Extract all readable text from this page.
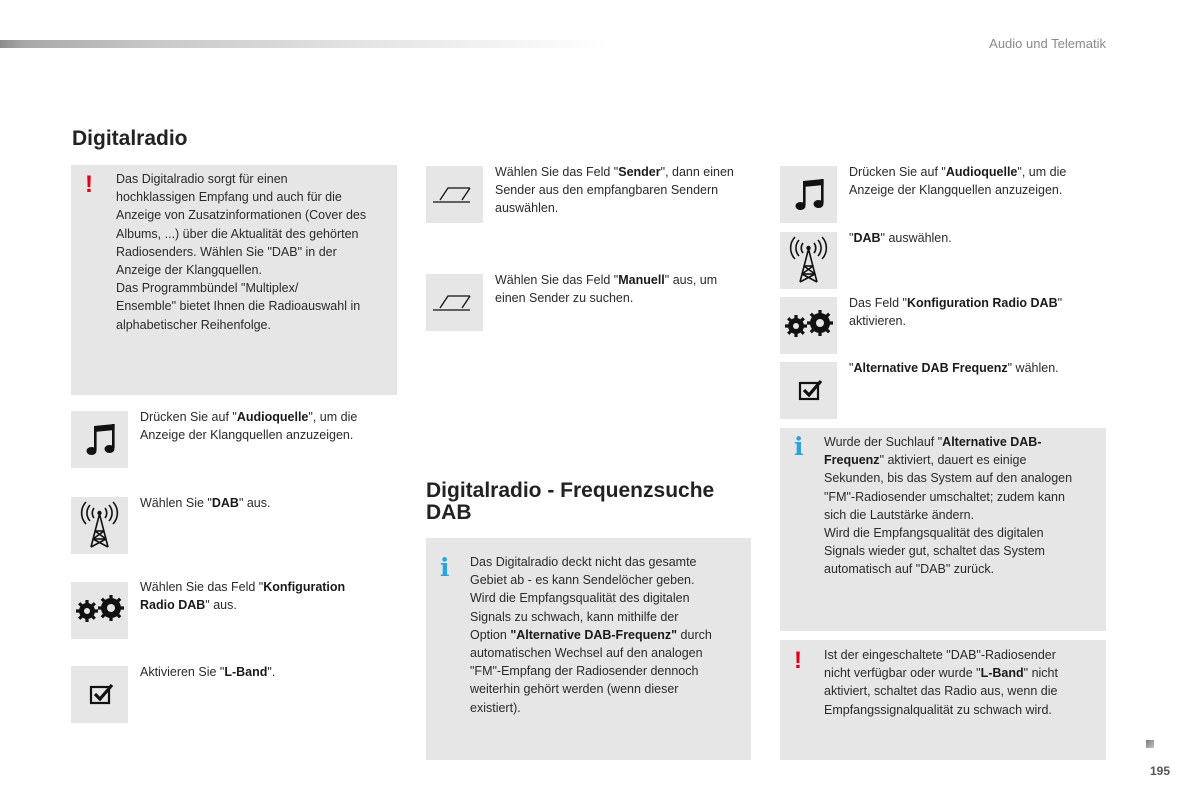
Audio und Telematik
Digitalradio
! Das Digitalradio sorgt für einen

hochklassigen Empfang und auch für die

Anzeige von Zusatzinformationen (Cover des

Albums, ...) über die Aktualität des gehörten

Radiosenders. Wählen Sie "DAB" in der

Anzeige der Klangquellen.

Das Programmbündel "Multiplex/

Ensemble" bietet Ihnen die Radioauswahl in

alphabetischer Reihenfolge.

Drücken Sie auf "Audioquelle", um die

Anzeige der Klangquellen anzuzeigen.

Wählen Sie "DAB" aus.

Wählen Sie das Feld "Konfiguration

Radio DAB" aus.

Aktivieren Sie "L-Band".

Wählen Sie das Feld "Sender", dann einen

Sender aus den empfangbaren Sendern

auswählen.

Wählen Sie das Feld "Manuell" aus, um

einen Sender zu suchen.

Digitalradio - Frequenzsuche
DAB
i Das Digitalradio deckt nicht das gesamte

Gebiet ab - es kann Sendelöcher geben.

Wird die Empfangsqualität des digitalen

Signals zu schwach, kann mithilfe der

Option "Alternative DAB-Frequenz" durch

automatischen Wechsel auf den analogen

"FM"-Empfang der Radiosender dennoch

weiterhin gehört werden (wenn dieser

existiert).

Drücken Sie auf "Audioquelle", um die

Anzeige der Klangquellen anzuzeigen.

"DAB" auswählen.

Das Feld "Konfiguration Radio DAB"

aktivieren.

"Alternative DAB Frequenz" wählen.

i Wurde der Suchlauf "Alternative DAB-

Frequenz" aktiviert, dauert es einige

Sekunden, bis das System auf den analogen

"FM"-Radiosender umschaltet; zudem kann

sich die Lautstärke ändern.

Wird die Empfangsqualität des digitalen

Signals wieder gut, schaltet das System

automatisch auf "DAB" zurück.

! Ist der eingeschaltete "DAB"-Radiosender

nicht verfügbar oder wurde "L-Band" nicht

aktiviert, schaltet das Radio aus, wenn die

Empfangssignalqualität zu schwach wird.

195
